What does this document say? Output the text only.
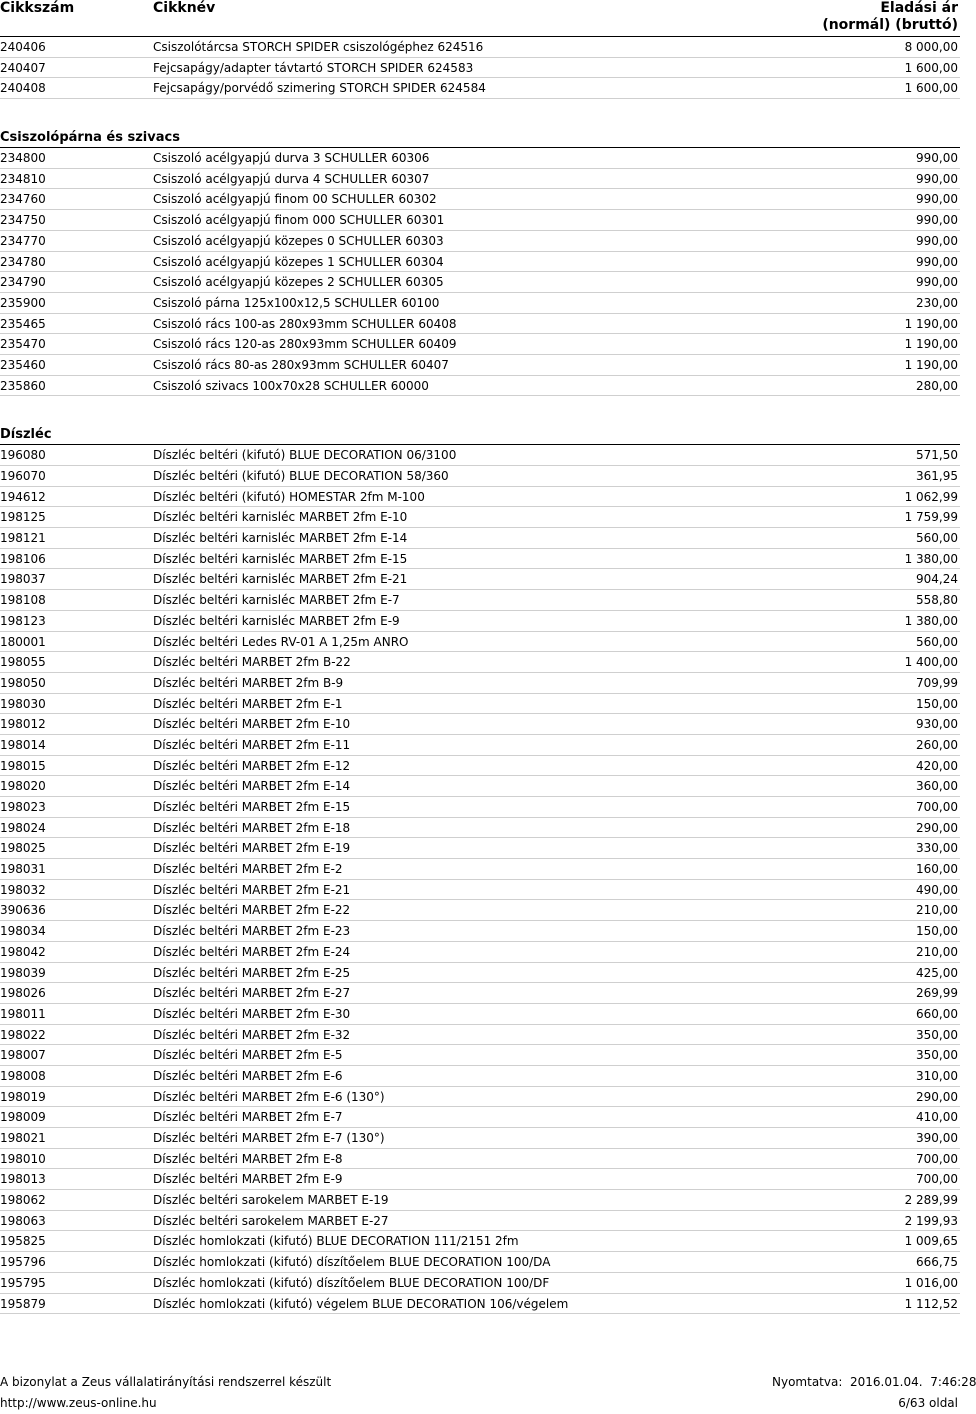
Cikkszám	Cikknév	Eladási ár
(normál) (bruttó)
240406	Csiszolótárcsa STORCH SPIDER csiszológéphez 624516	8 000,00
240407	Fejcsapágy/adapter távtartó STORCH SPIDER 624583	1 600,00
240408	Fejcsapágy/porvédő szimering STORCH SPIDER 624584	1 600,00
Csiszolópárna és szivacs
234800	Csiszoló acélgyapjú durva 3 SCHULLER 60306	990,00
234810	Csiszoló acélgyapjú durva 4 SCHULLER 60307	990,00
234760	Csiszoló acélgyapjú finom 00 SCHULLER 60302	990,00
234750	Csiszoló acélgyapjú finom 000 SCHULLER 60301	990,00
234770	Csiszoló acélgyapjú közepes 0 SCHULLER 60303	990,00
234780	Csiszoló acélgyapjú közepes 1 SCHULLER 60304	990,00
234790	Csiszoló acélgyapjú közepes 2 SCHULLER 60305	990,00
235900	Csiszoló párna 125x100x12,5 SCHULLER 60100	230,00
235465	Csiszoló rács 100-as 280x93mm SCHULLER 60408	1 190,00
235470	Csiszoló rács 120-as 280x93mm SCHULLER 60409	1 190,00
235460	Csiszoló rács 80-as 280x93mm SCHULLER 60407	1 190,00
235860	Csiszoló szivacs 100x70x28 SCHULLER 60000	280,00
Díszléc
196080	Díszléc beltéri (kifutó) BLUE DECORATION 06/3100	571,50
196070	Díszléc beltéri (kifutó) BLUE DECORATION 58/360	361,95
194612	Díszléc beltéri (kifutó) HOMESTAR 2fm M-100	1 062,99
198125	Díszléc beltéri karnisléc MARBET 2fm E-10	1 759,99
198121	Díszléc beltéri karnisléc MARBET 2fm E-14	560,00
198106	Díszléc beltéri karnisléc MARBET 2fm E-15	1 380,00
198037	Díszléc beltéri karnisléc MARBET 2fm E-21	904,24
198108	Díszléc beltéri karnisléc MARBET 2fm E-7	558,80
198123	Díszléc beltéri karnisléc MARBET 2fm E-9	1 380,00
180001	Díszléc beltéri Ledes RV-01 A 1,25m ANRO	560,00
198055	Díszléc beltéri MARBET 2fm B-22	1 400,00
198050	Díszléc beltéri MARBET 2fm B-9	709,99
198030	Díszléc beltéri MARBET 2fm E-1	150,00
198012	Díszléc beltéri MARBET 2fm E-10	930,00
198014	Díszléc beltéri MARBET 2fm E-11	260,00
198015	Díszléc beltéri MARBET 2fm E-12	420,00
198020	Díszléc beltéri MARBET 2fm E-14	360,00
198023	Díszléc beltéri MARBET 2fm E-15	700,00
198024	Díszléc beltéri MARBET 2fm E-18	290,00
198025	Díszléc beltéri MARBET 2fm E-19	330,00
198031	Díszléc beltéri MARBET 2fm E-2	160,00
198032	Díszléc beltéri MARBET 2fm E-21	490,00
390636	Díszléc beltéri MARBET 2fm E-22	210,00
198034	Díszléc beltéri MARBET 2fm E-23	150,00
198042	Díszléc beltéri MARBET 2fm E-24	210,00
198039	Díszléc beltéri MARBET 2fm E-25	425,00
198026	Díszléc beltéri MARBET 2fm E-27	269,99
198011	Díszléc beltéri MARBET 2fm E-30	660,00
198022	Díszléc beltéri MARBET 2fm E-32	350,00
198007	Díszléc beltéri MARBET 2fm E-5	350,00
198008	Díszléc beltéri MARBET 2fm E-6	310,00
198019	Díszléc beltéri MARBET 2fm E-6 (130°)	290,00
198009	Díszléc beltéri MARBET 2fm E-7	410,00
198021	Díszléc beltéri MARBET 2fm E-7 (130°)	390,00
198010	Díszléc beltéri MARBET 2fm E-8	700,00
198013	Díszléc beltéri MARBET 2fm E-9	700,00
198062	Díszléc beltéri sarokelem MARBET E-19	2 289,99
198063	Díszléc beltéri sarokelem MARBET E-27	2 199,93
195825	Díszléc homlokzati (kifutó) BLUE DECORATION 111/2151 2fm	1 009,65
195796	Díszléc homlokzati (kifutó) díszítőelem BLUE DECORATION 100/DA	666,75
195795	Díszléc homlokzati (kifutó) díszítőelem BLUE DECORATION 100/DF	1 016,00
195879	Díszléc homlokzati (kifutó) végelem BLUE DECORATION 106/végelem	1 112,52
A bizonylat a Zeus vállalatirányítási rendszerrel készült	Nyomtatva: 2016.01.04. 7:46:28
http://www.zeus-online.hu	6/63 oldal
